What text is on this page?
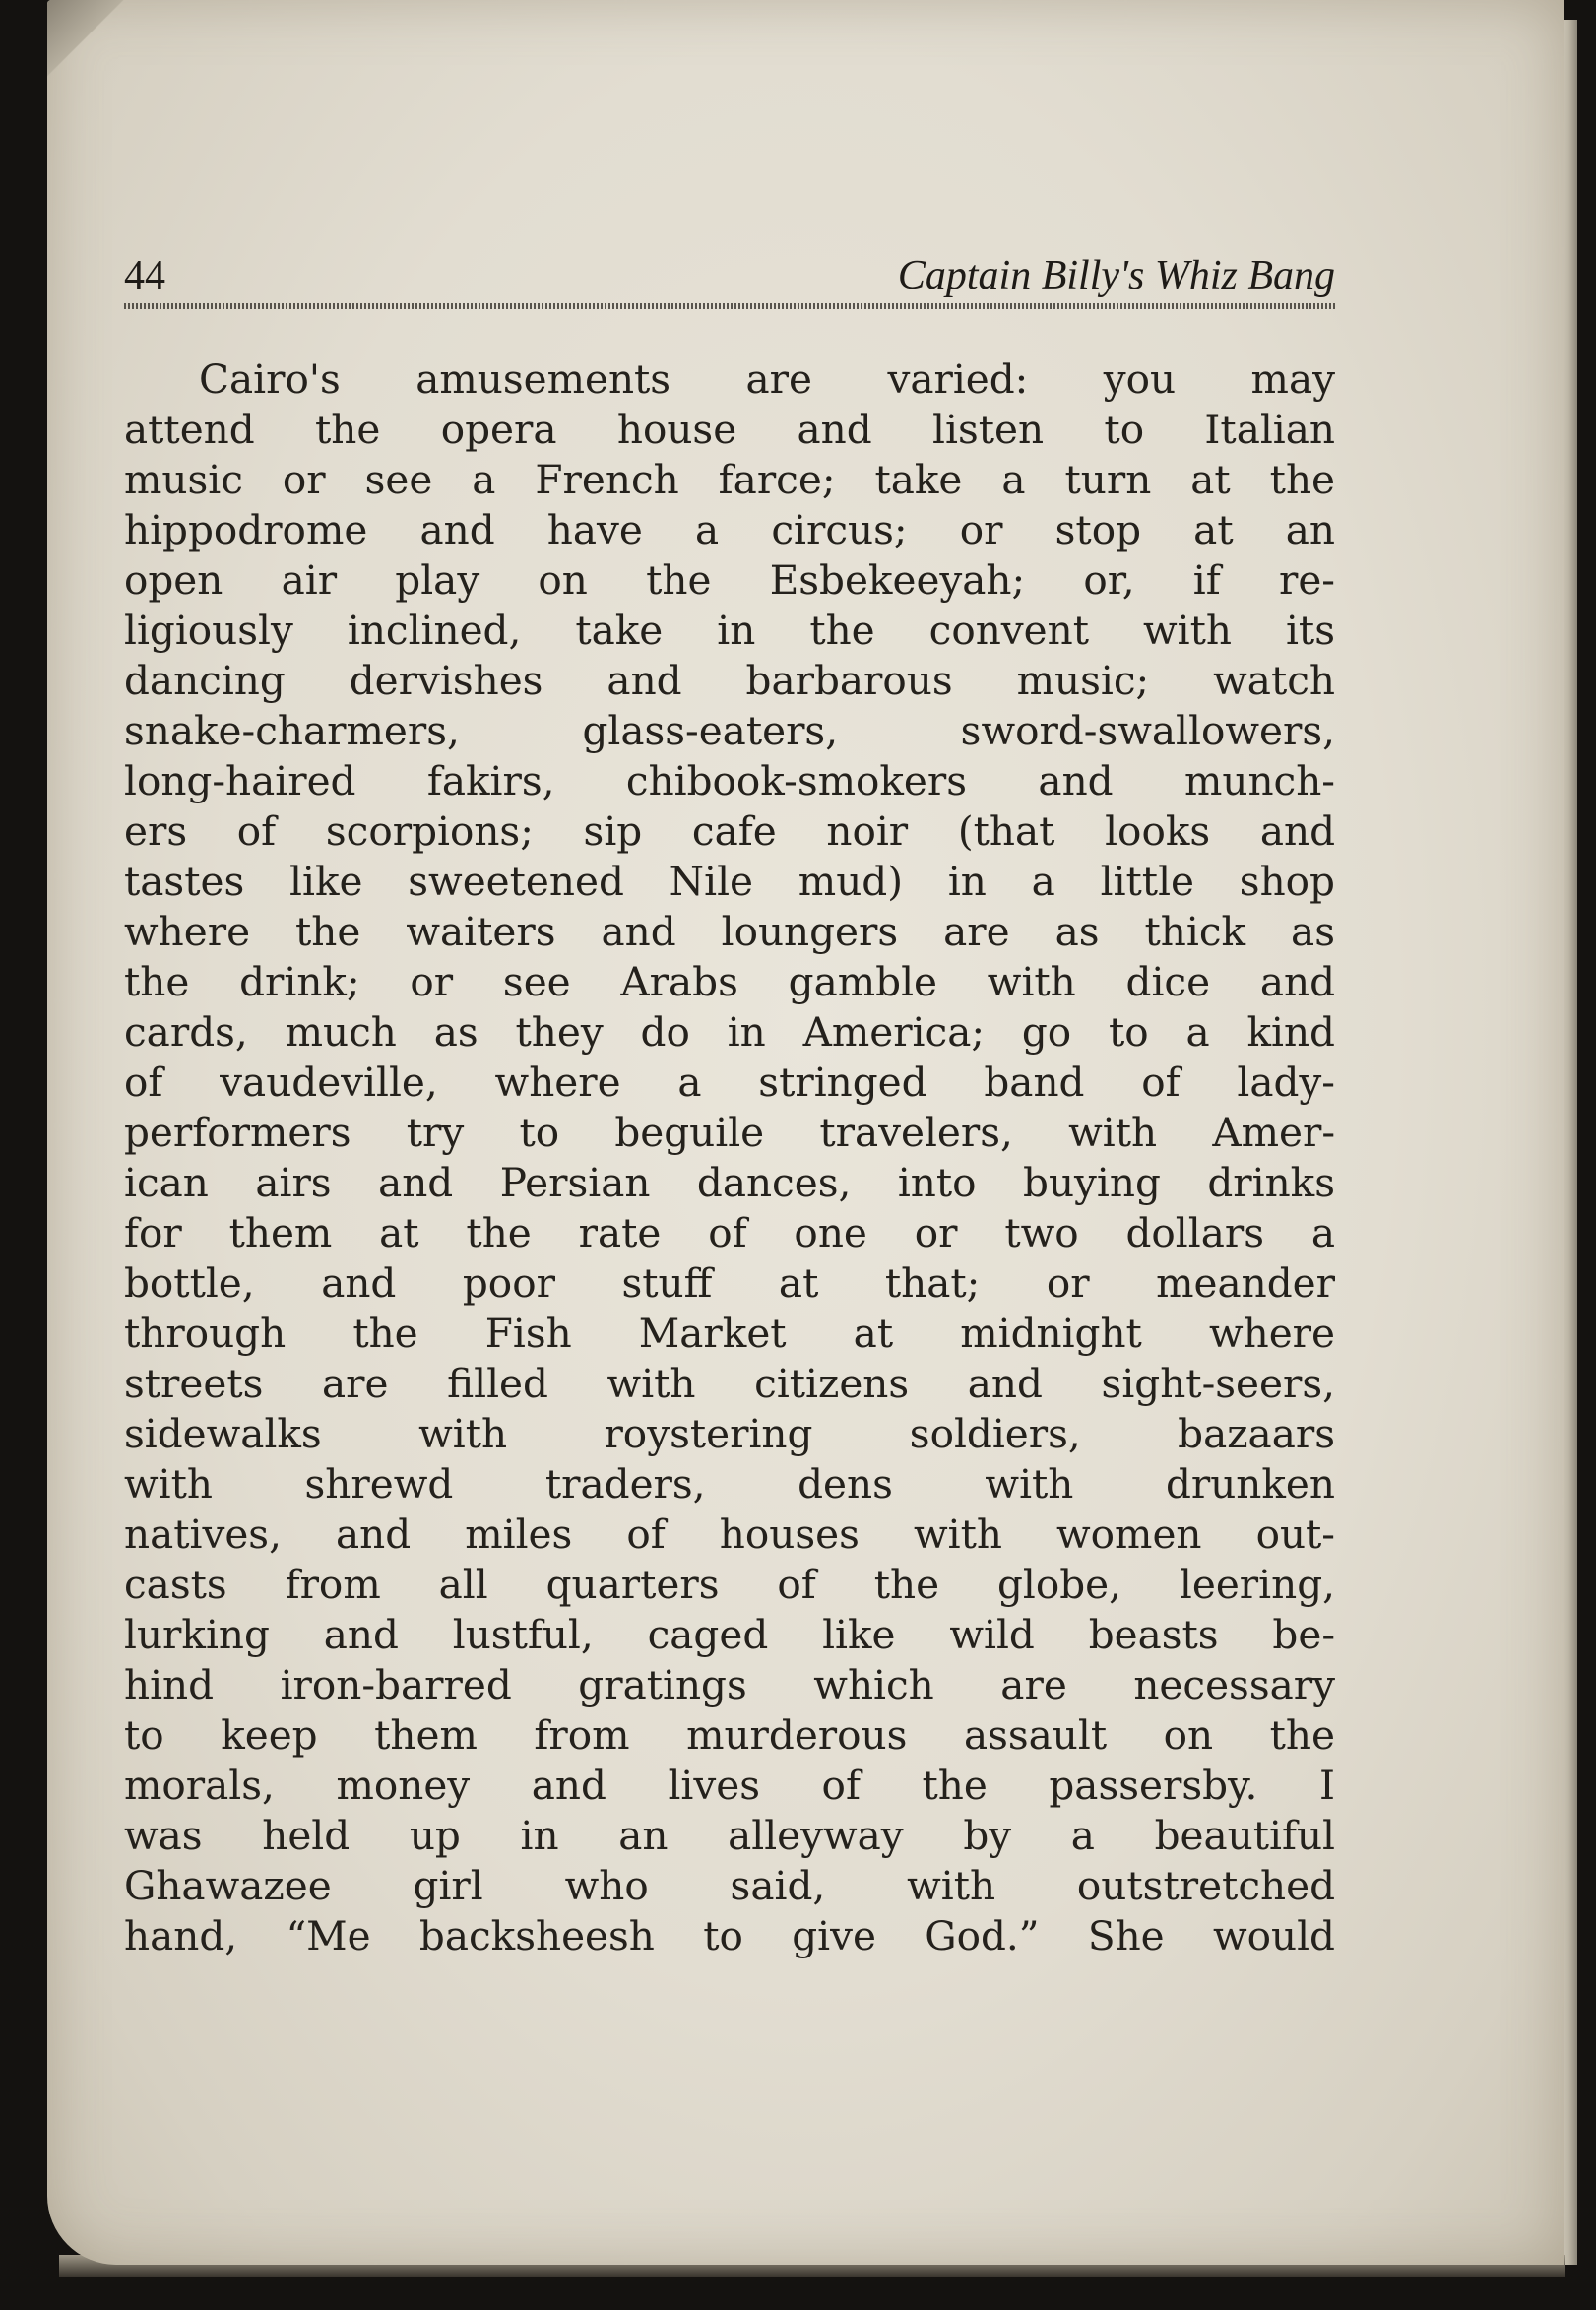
44	Captain Billy's Whiz Bang
Cairo's amusements are varied: you may
attend the opera house and listen to Italian
music or see a French farce; take a turn at the
hippodrome and have a circus; or stop at an
open air play on the Esbekeeyah; or, if re-
ligiously inclined, take in the convent with its
dancing dervishes and barbarous music; watch
snake-charmers, glass-eaters, sword-swallowers,
long-haired fakirs, chibook-smokers and munch-
ers of scorpions; sip cafe noir (that looks and
tastes like sweetened Nile mud) in a little shop
where the waiters and loungers are as thick as
the drink; or see Arabs gamble with dice and
cards, much as they do in America; go to a kind
of vaudeville, where a stringed band of lady-
performers try to beguile travelers, with Amer-
ican airs and Persian dances, into buying drinks
for them at the rate of one or two dollars a
bottle, and poor stuff at that; or meander
through the Fish Market at midnight where
streets are filled with citizens and sight-seers,
sidewalks with roystering soldiers, bazaars
with shrewd traders, dens with drunken
natives, and miles of houses with women out-
casts from all quarters of the globe, leering,
lurking and lustful, caged like wild beasts be-
hind iron-barred gratings which are necessary
to keep them from murderous assault on the
morals, money and lives of the passersby. I
was held up in an alleyway by a beautiful
Ghawazee girl who said, with outstretched
hand, “Me backsheesh to give God.” She would
